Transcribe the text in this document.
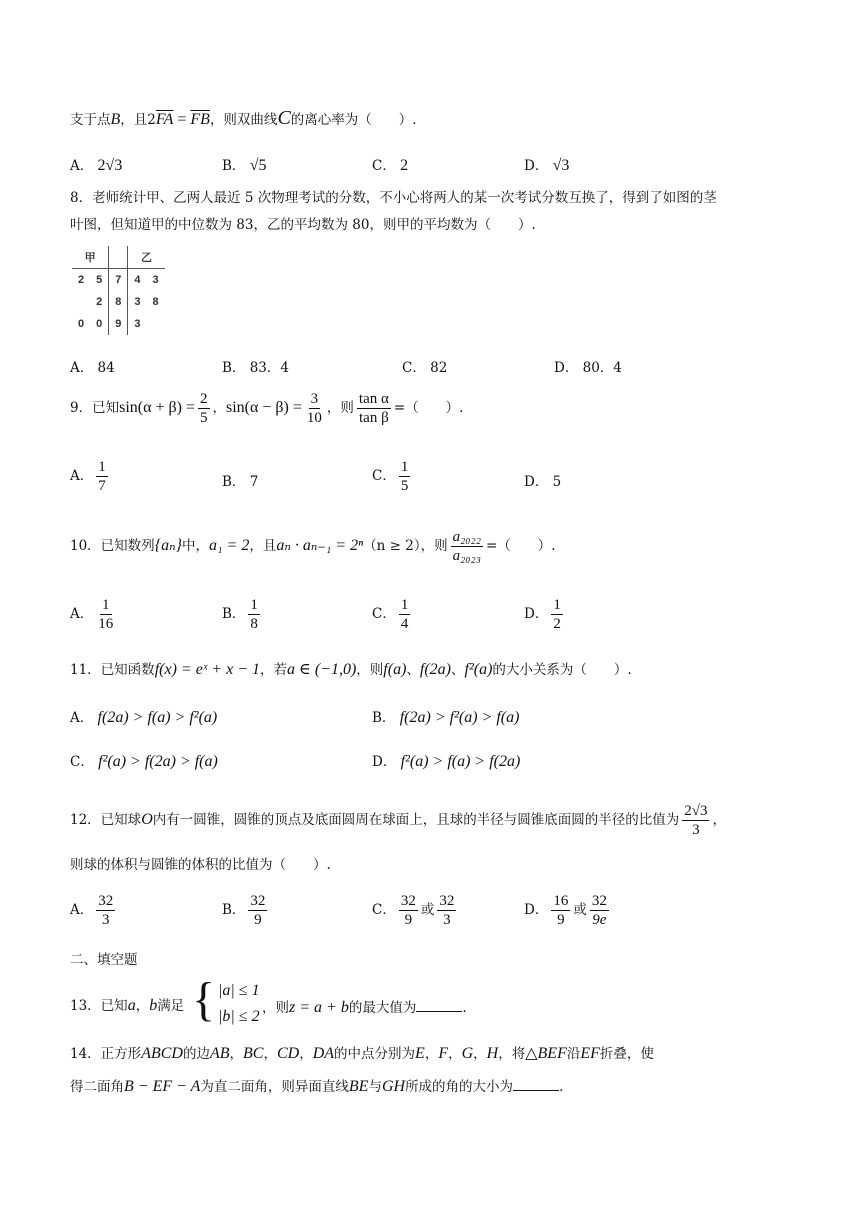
支于点B，且$2\overline{FA} = \overline{FB}$，则双曲线C的离心率为（　　）.
A． 2√3	B． √5	C． 2	D． √3
8．老师统计甲、乙两人最近 5 次物理考试的分数，不小心将两人的某一次考试分数互换了，得到了如图的茎
叶图，但知道甲的中位数为 83，乙的平均数为 80，则甲的平均数为（　　）.
甲			乙	
2	5	7	4	3
	2	8	3	8
0	0	9	3	
A． 84	B． 83．4	C． 82	D． 80．4
9．已知$\sin(\alpha + \beta) = \frac{2}{5}$ ，$\sin(\alpha - \beta) = \frac{3}{10}$ ，则 $\frac{\text{tan α}}{\text{tan β}}$ =（　　）.
A． $\frac{1}{7}$	B． 7	C． $\frac{1}{5}$	D． 5
10．已知数列{aₙ}中，a₁ = 2，且aₙ · aₙ₋₁ = 2ⁿ（n ≥ 2），则 $\frac{\text{a₂₀₂₂}}{\text{a₂₀₂₃}}$ =（　　）.
A． $\frac{1}{16}$	B． $\frac{1}{8}$	C． $\frac{1}{4}$	D． $\frac{1}{2}$
11．已知函数f(x) = eˣ + x − 1，若a ∈ (−1,0)，则f(a)、f(2a)、f²(a)的大小关系为（　　）.
A． f(2a) > f(a) > f²(a)	B． f(2a) > f²(a) > f(a)
C． f²(a) > f(2a) > f(a)	D． f²(a) > f(a) > f(2a)
12．已知球O内有一圆锥，圆锥的顶点及底面圆周在球面上，且球的半径与圆锥底面圆的半径的比值为 $\frac{2√3}{3}$ ，
则球的体积与圆锥的体积的比值为（　　）.
A． $\frac{32}{3}$	B． $\frac{32}{9}$	C． $\frac{32}{9}$ 或 $\frac{32}{3}$	D． $\frac{16}{9}$ 或 $\frac{32}{9e}$
二、填空题
13．已知a，b满足 { |a| ≤ 1
|b| ≤ 2 ，则z = a + b的最大值为	.
14．正方形ABCD的边AB，BC，CD，DA的中点分别为E，F，G，H，将△BEF沿EF折叠，使
得二面角B − EF − A为直二面角，则异面直线BE与GH所成的角的大小为	.
